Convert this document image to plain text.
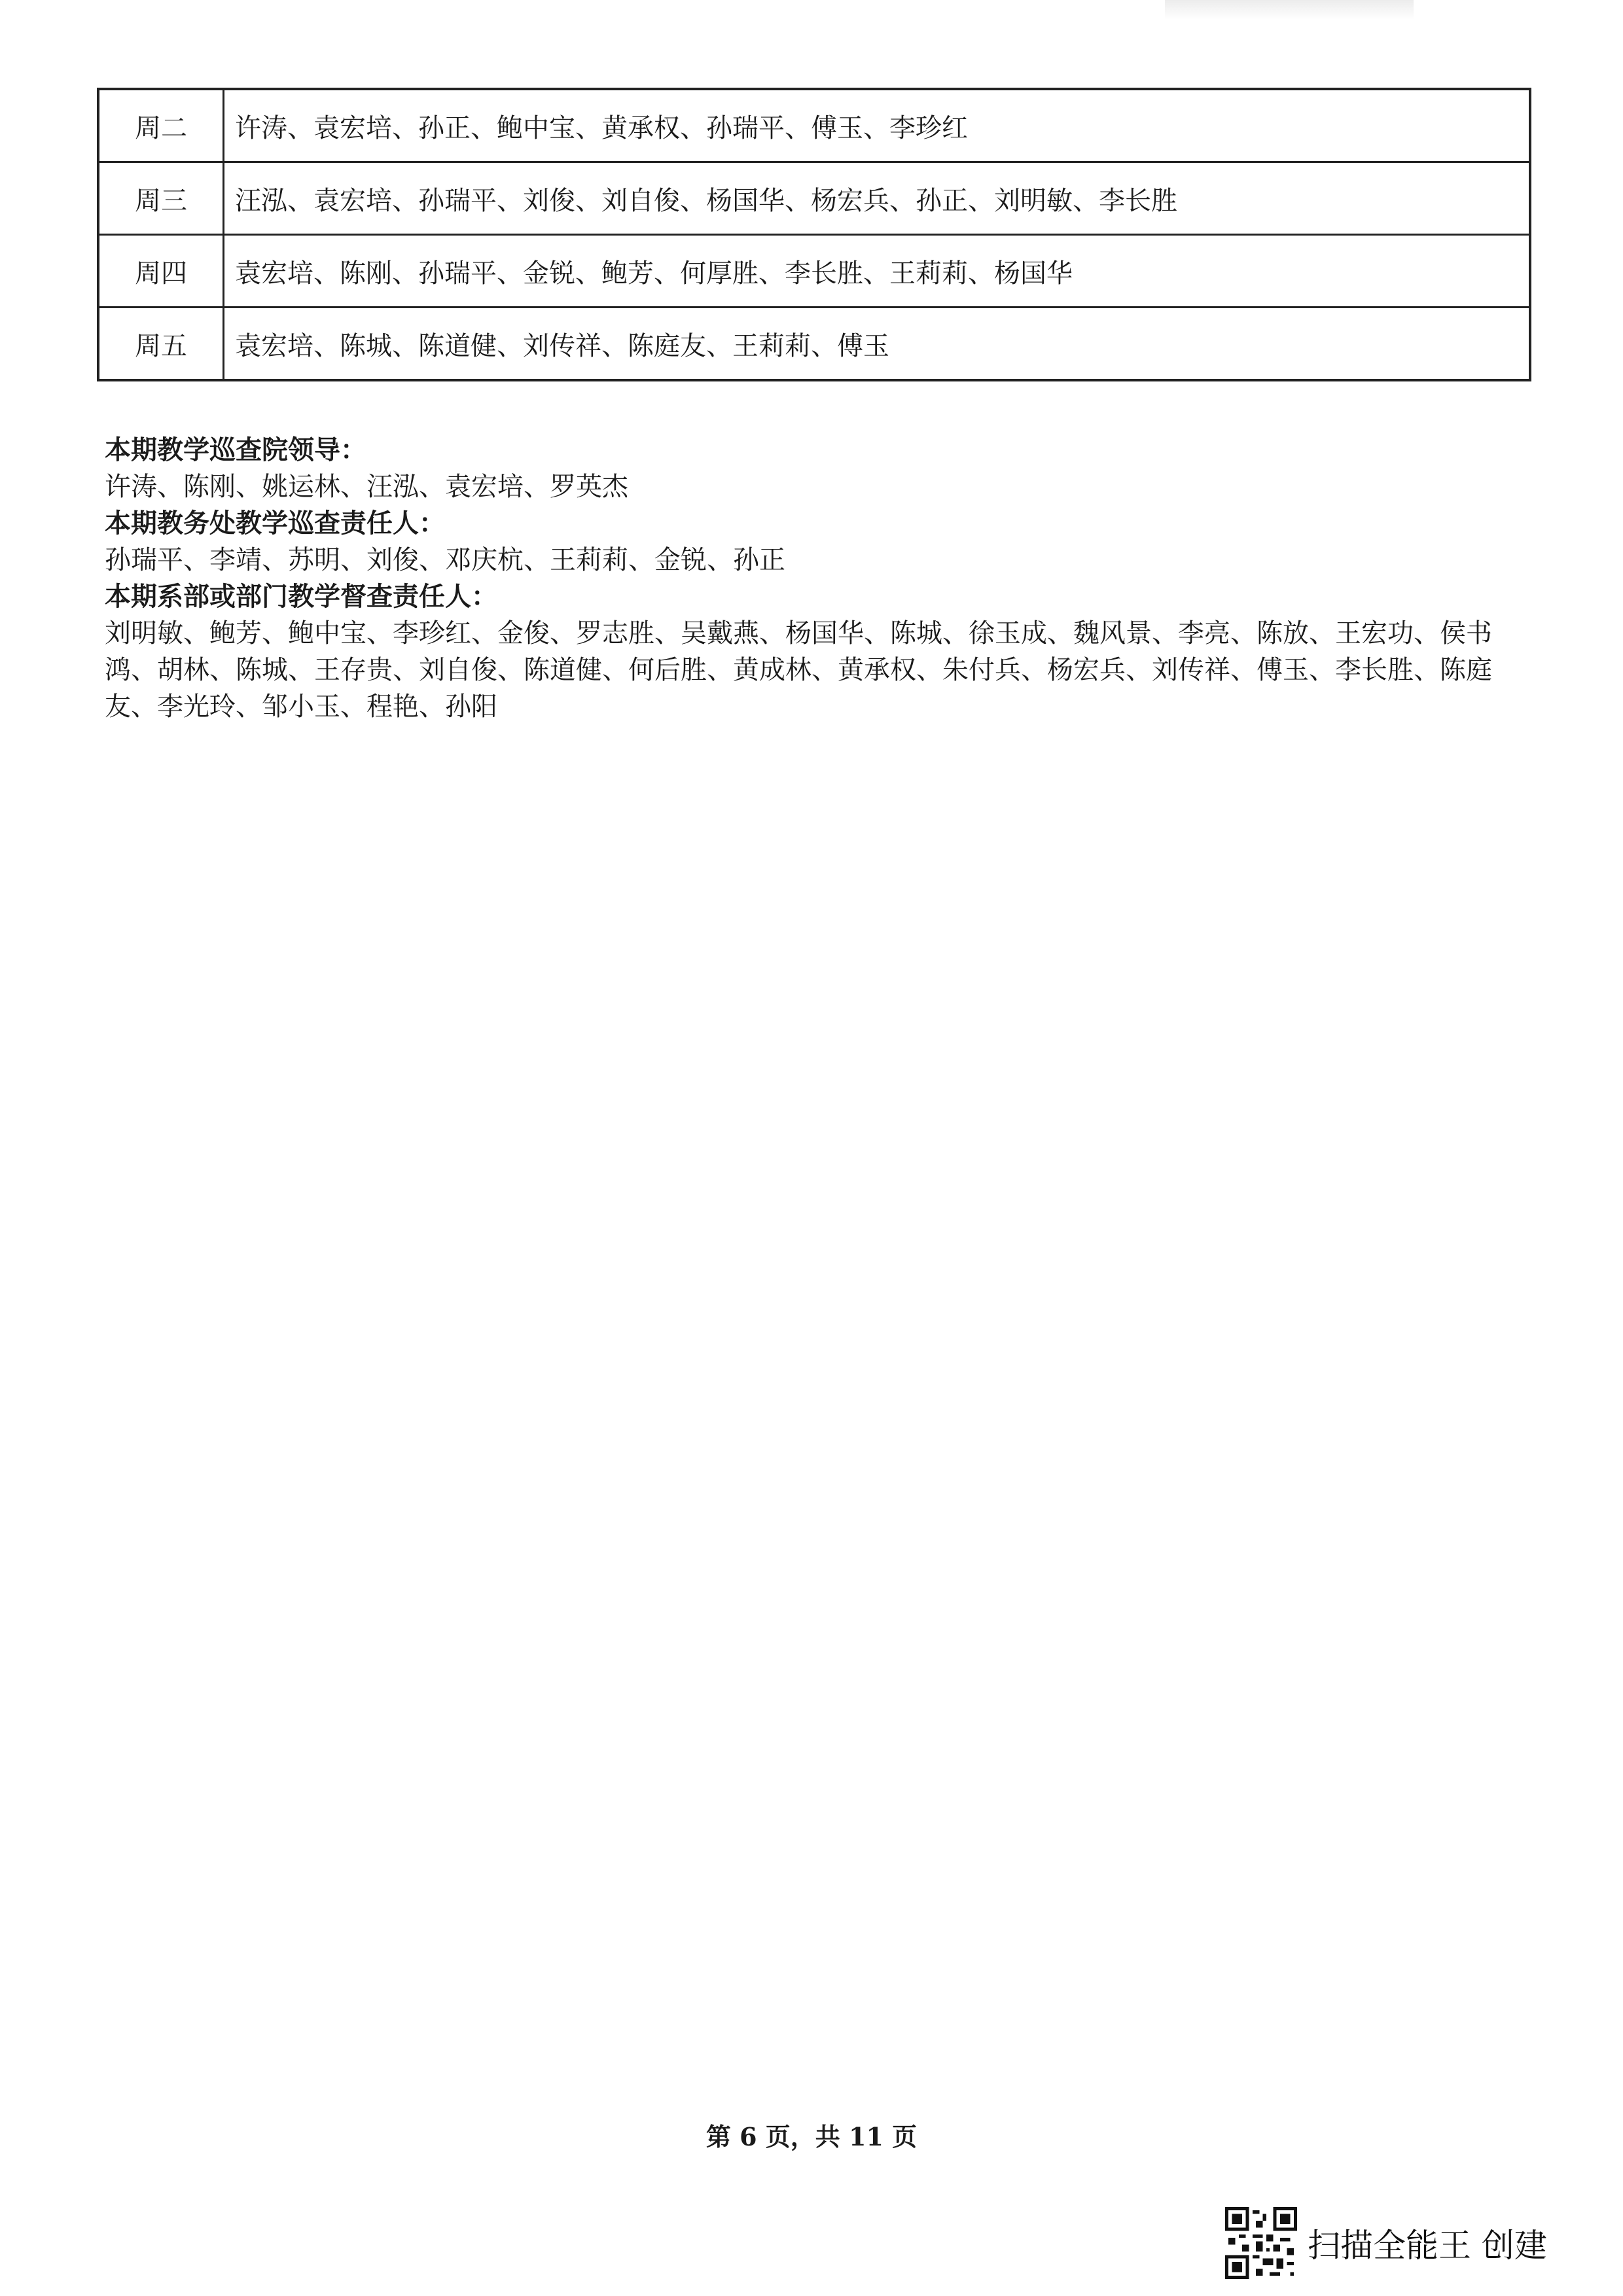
周二	许涛、袁宏培、孙正、鲍中宝、黄承权、孙瑞平、傅玉、李珍红
周三	汪泓、袁宏培、孙瑞平、刘俊、刘自俊、杨国华、杨宏兵、孙正、刘明敏、李长胜
周四	袁宏培、陈刚、孙瑞平、金锐、鲍芳、何厚胜、李长胜、王莉莉、杨国华
周五	袁宏培、陈城、陈道健、刘传祥、陈庭友、王莉莉、傅玉
本期教学巡查院领导：
许涛、陈刚、姚运林、汪泓、袁宏培、罗英杰
本期教务处教学巡查责任人：
孙瑞平、李靖、苏明、刘俊、邓庆杭、王莉莉、金锐、孙正
本期系部或部门教学督查责任人：
刘明敏、鲍芳、鲍中宝、李珍红、金俊、罗志胜、吴戴燕、杨国华、陈城、徐玉成、魏风景、李亮、陈放、王宏功、侯书鸿、胡林、陈城、王存贵、刘自俊、陈道健、何后胜、黄成林、黄承权、朱付兵、杨宏兵、刘传祥、傅玉、李长胜、陈庭友、李光玲、邹小玉、程艳、孙阳
第 6 页，共 11 页
扫描全能王 创建
